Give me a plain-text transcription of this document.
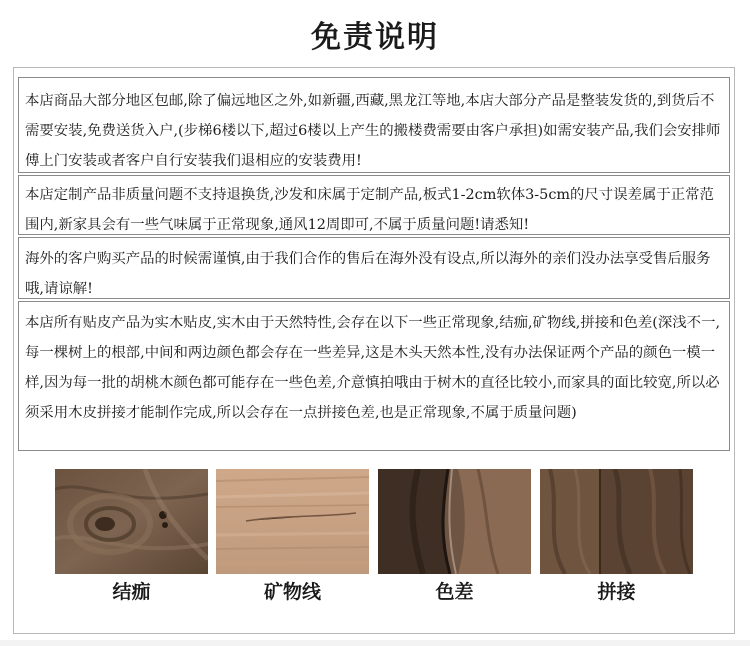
免责说明
本店商品大部分地区包邮,除了偏远地区之外,如新疆,西藏,黑龙江等地,本店大部分产品是整装发货的,到货后不需要安装,免费送货入户,(步梯6楼以下,超过6楼以上产生的搬楼费需要由客户承担)如需安装产品,我们会安排师傅上门安装或者客户自行安装我们退相应的安装费用!
本店定制产品非质量问题不支持退换货,沙发和床属于定制产品,板式1-2cm软体3-5cm的尺寸误差属于正常范围内,新家具会有一些气味属于正常现象,通风12周即可,不属于质量问题!请悉知!
海外的客户购买产品的时候需谨慎,由于我们合作的售后在海外没有设点,所以海外的亲们没办法享受售后服务哦,请谅解!
本店所有贴皮产品为实木贴皮,实木由于天然特性,会存在以下一些正常现象,结痂,矿物线,拼接和色差(深浅不一,每一棵树上的根部,中间和两边颜色都会存在一些差异,这是木头天然本性,没有办法保证两个产品的颜色一模一样,因为每一批的胡桃木颜色都可能存在一些色差,介意慎拍哦由于树木的直径比较小,而家具的面比较宽,所以必须采用木皮拼接才能制作完成,所以会存在一点拼接色差,也是正常现象,不属于质量问题)
结痂	矿物线	色差	拼接
